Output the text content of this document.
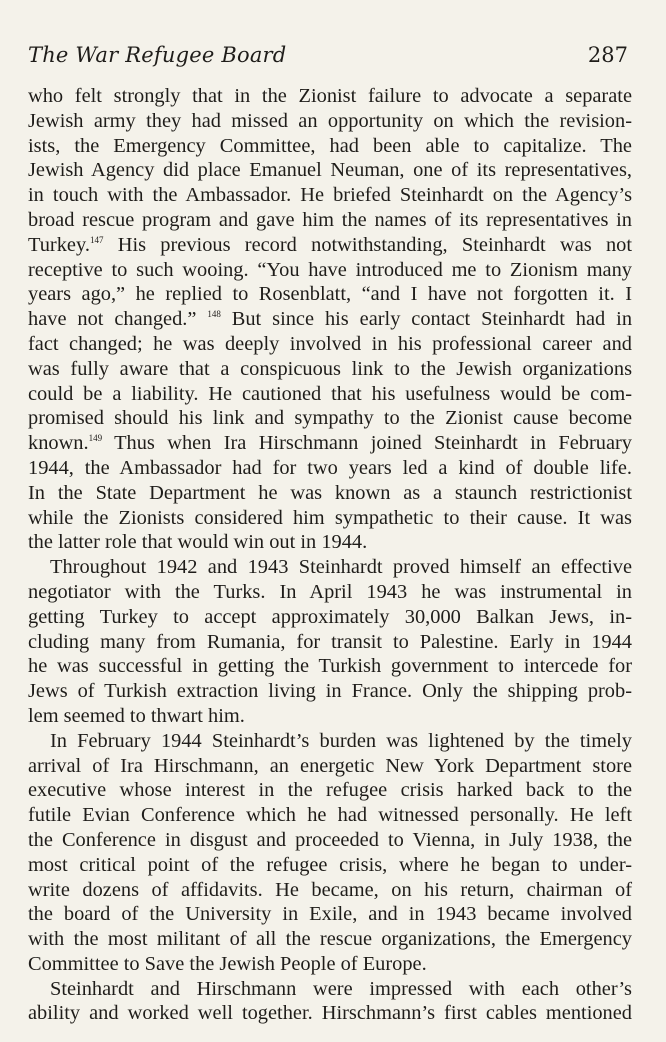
The War Refugee Board	287
who felt strongly that in the Zionist failure to advocate a separate
Jewish army they had missed an opportunity on which the revision-
ists, the Emergency Committee, had been able to capitalize. The
Jewish Agency did place Emanuel Neuman, one of its representatives,
in touch with the Ambassador. He briefed Steinhardt on the Agency’s
broad rescue program and gave him the names of its representatives in
Turkey.$^{147}$ His previous record notwithstanding, Steinhardt was not
receptive to such wooing. “You have introduced me to Zionism many
years ago,” he replied to Rosenblatt, “and I have not forgotten it. I
have not changed.” $^{148}$ But since his early contact Steinhardt had in
fact changed; he was deeply involved in his professional career and
was fully aware that a conspicuous link to the Jewish organizations
could be a liability. He cautioned that his usefulness would be com-
promised should his link and sympathy to the Zionist cause become
known.$^{149}$ Thus when Ira Hirschmann joined Steinhardt in February
1944, the Ambassador had for two years led a kind of double life.
In the State Department he was known as a staunch restrictionist
while the Zionists considered him sympathetic to their cause. It was
the latter role that would win out in 1944.
Throughout 1942 and 1943 Steinhardt proved himself an effective
negotiator with the Turks. In April 1943 he was instrumental in
getting Turkey to accept approximately 30,000 Balkan Jews, in-
cluding many from Rumania, for transit to Palestine. Early in 1944
he was successful in getting the Turkish government to intercede for
Jews of Turkish extraction living in France. Only the shipping prob-
lem seemed to thwart him.
In February 1944 Steinhardt’s burden was lightened by the timely
arrival of Ira Hirschmann, an energetic New York Department store
executive whose interest in the refugee crisis harked back to the
futile Evian Conference which he had witnessed personally. He left
the Conference in disgust and proceeded to Vienna, in July 1938, the
most critical point of the refugee crisis, where he began to under-
write dozens of affidavits. He became, on his return, chairman of
the board of the University in Exile, and in 1943 became involved
with the most militant of all the rescue organizations, the Emergency
Committee to Save the Jewish People of Europe.
Steinhardt and Hirschmann were impressed with each other’s
ability and worked well together. Hirschmann’s first cables mentioned
